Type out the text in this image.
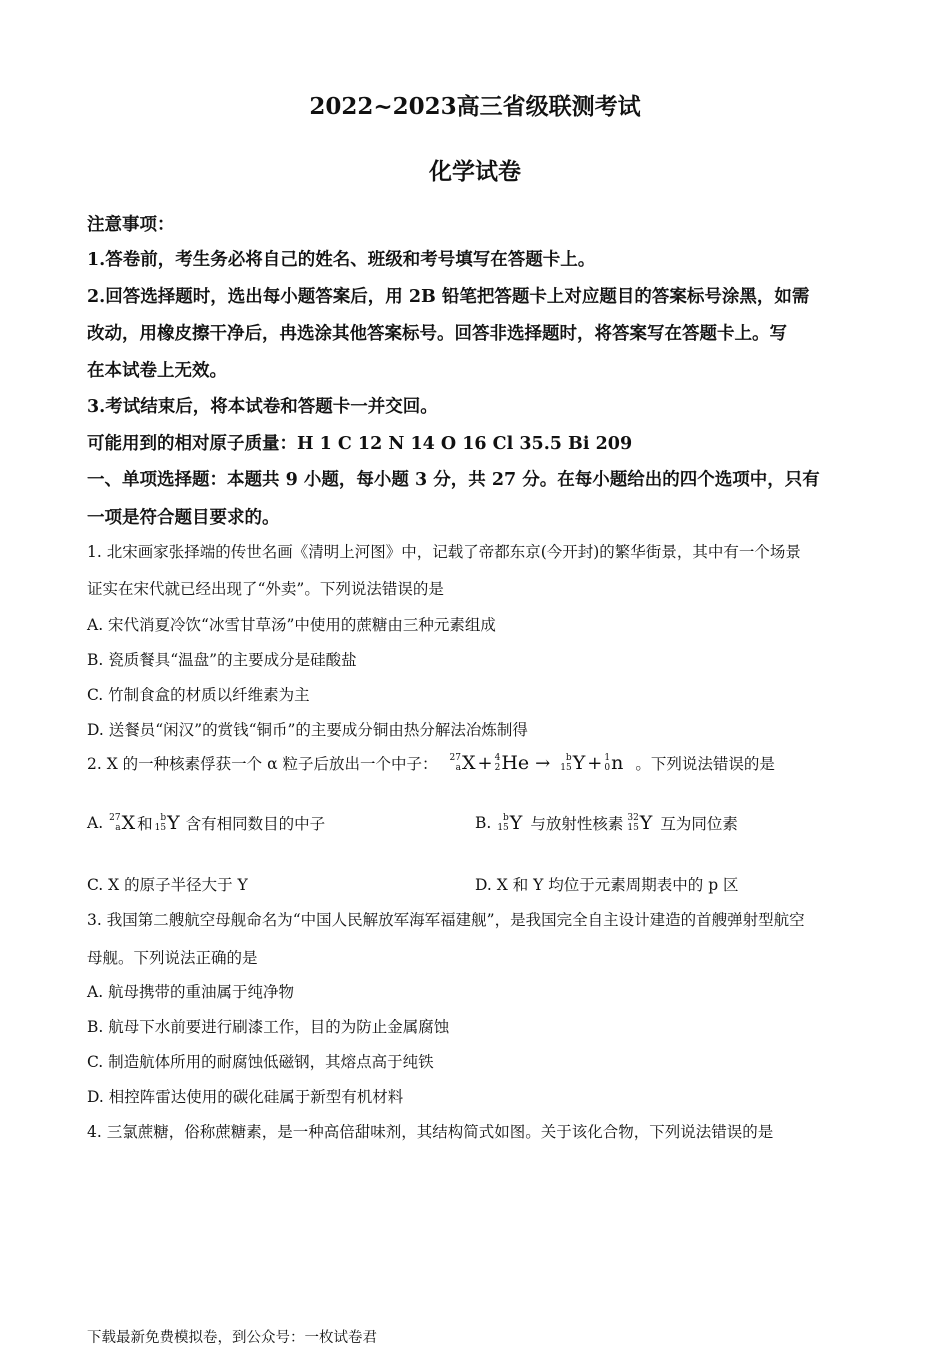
2022~2023高三省级联测考试
化学试卷
注意事项：
1.答卷前，考生务必将自己的姓名、班级和考号填写在答题卡上。
2.回答选择题时，选出每小题答案后，用 2B 铅笔把答题卡上对应题目的答案标号涂黑，如需
改动，用橡皮擦干净后，冉选涂其他答案标号。回答非选择题时，将答案写在答题卡上。写
在本试卷上无效。
3.考试结束后，将本试卷和答题卡一并交回。
可能用到的相对原子质量：H 1 C 12 N 14 O 16 Cl 35.5 Bi 209
一、单项选择题：本题共 9 小题，每小题 3 分，共 27 分。在每小题给出的四个选项中，只有
一项是符合题目要求的。
1. 北宋画家张择端的传世名画《清明上河图》中，记载了帝都东京(今开封)的繁华街景，其中有一个场景
证实在宋代就已经出现了“外卖”。下列说法错误的是
A. 宋代消夏冷饮“冰雪甘草汤”中使用的蔗糖由三种元素组成
B. 瓷质餐具“温盘”的主要成分是硅酸盐
C. 竹制食盒的材质以纤维素为主
D. 送餐员“闲汉”的赏钱“铜币”的主要成分铜由热分解法冶炼制得
2. X 的一种核素俘获一个 α 粒子后放出一个中子： 27
a X + 4
2 He → b
15 Y + 1
0 n 。下列说法错误的是
A. 27
a X 和 b
15 Y 含有相同数目的中子	B. b
15 Y 与放射性核素 32
15 Y 互为同位素
C. X 的原子半径大于 Y	D. X 和 Y 均位于元素周期表中的 p 区
3. 我国第二艘航空母舰命名为“中国人民解放军海军福建舰”，是我国完全自主设计建造的首艘弹射型航空
母舰。下列说法正确的是
A. 航母携带的重油属于纯净物
B. 航母下水前要进行刷漆工作，目的为防止金属腐蚀
C. 制造航体所用的耐腐蚀低磁钢，其熔点高于纯铁
D. 相控阵雷达使用的碳化硅属于新型有机材料
4. 三氯蔗糖，俗称蔗糖素，是一种高倍甜味剂，其结构简式如图。关于该化合物，下列说法错误的是
下载最新免费模拟卷，到公众号：一枚试卷君
